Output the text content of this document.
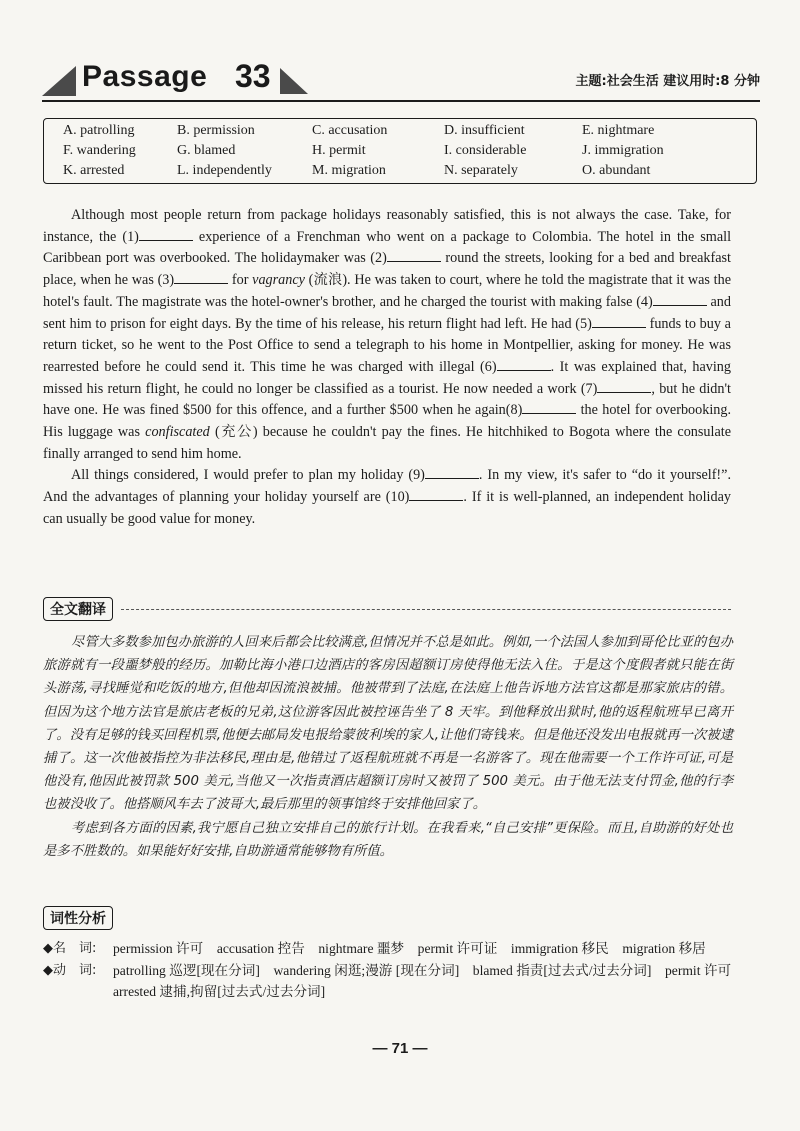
Passage 33	主题:社会生活 建议用时:8 分钟
A. patrolling	B. permission	C. accusation	D. insufficient	E. nightmare
F. wandering	G. blamed	H. permit	I. considerable	J. immigration
K. arrested	L. independently	M. migration	N. separately	O. abundant

Although most people return from package holidays reasonably satisfied, this is not always the case. Take, for instance, the (1)	experience of a Frenchman who went on a package to Colombia. The hotel in the small Caribbean port was overbooked. The holidaymaker was (2)	round the streets, looking for a bed and breakfast place, when he was (3)	for vagrancy (流浪). He was taken to court, where he told the magistrate that it was the hotel's fault. The magistrate was the hotel-owner's brother, and he charged the tourist with making false (4)	and sent him to prison for eight days. By the time of his release, his return flight had left. He had (5)	funds to buy a return ticket, so he went to the Post Office to send a telegraph to his home in Montpellier, asking for money. He was rearrested before he could send it. This time he was charged with illegal (6)	. It was explained that, having missed his return flight, he could no longer be classified as a tourist. He now needed a work (7)	, but he didn't have one. He was fined $500 for this offence, and a further $500 when he again(8)	the hotel for overbooking. His luggage was confiscated (充公) because he couldn't pay the fines. He hitchhiked to Bogota where the consulate finally arranged to send him home.

All things considered, I would prefer to plan my holiday (9)	. In my view, it's safer to “do it yourself!”. And the advantages of planning your holiday yourself are (10)	. If it is well-planned, an independent holiday can usually be good value for money.

全文翻译

尽管大多数参加包办旅游的人回来后都会比较满意,但情况并不总是如此。例如,一个法国人参加到哥伦比亚的包办旅游就有一段噩梦般的经历。加勒比海小港口边酒店的客房因超额订房使得他无法入住。于是这个度假者就只能在街头游荡,寻找睡觉和吃饭的地方,但他却因流浪被捕。他被带到了法庭,在法庭上他告诉地方法官这都是那家旅店的错。但因为这个地方法官是旅店老板的兄弟,这位游客因此被控诬告坐了 8 天牢。到他释放出狱时,他的返程航班早已离开了。没有足够的钱买回程机票,他便去邮局发电报给蒙彼利埃的家人,让他们寄钱来。但是他还没发出电报就再一次被逮捕了。这一次他被指控为非法移民,理由是,他错过了返程航班就不再是一名游客了。现在他需要一个工作许可证,可是他没有,他因此被罚款 500 美元,当他又一次指责酒店超额订房时又被罚了 500 美元。由于他无法支付罚金,他的行李也被没收了。他搭顺风车去了波哥大,最后那里的领事馆终于安排他回家了。

考虑到各方面的因素,我宁愿自己独立安排自己的旅行计划。在我看来,“自己安排”更保险。而且,自助游的好处也是多不胜数的。如果能好好安排,自助游通常能够物有所值。

词性分析
◆名　词: permission 许可　accusation 控告　nightmare 噩梦　permit 许可证　immigration 移民　migration 移居
◆动　词: patrolling 巡逻[现在分词]　wandering 闲逛;漫游 [现在分词]　blamed 指责[过去式/过去分词]　permit 许可　arrested 逮捕,拘留[过去式/过去分词]
— 71 —
